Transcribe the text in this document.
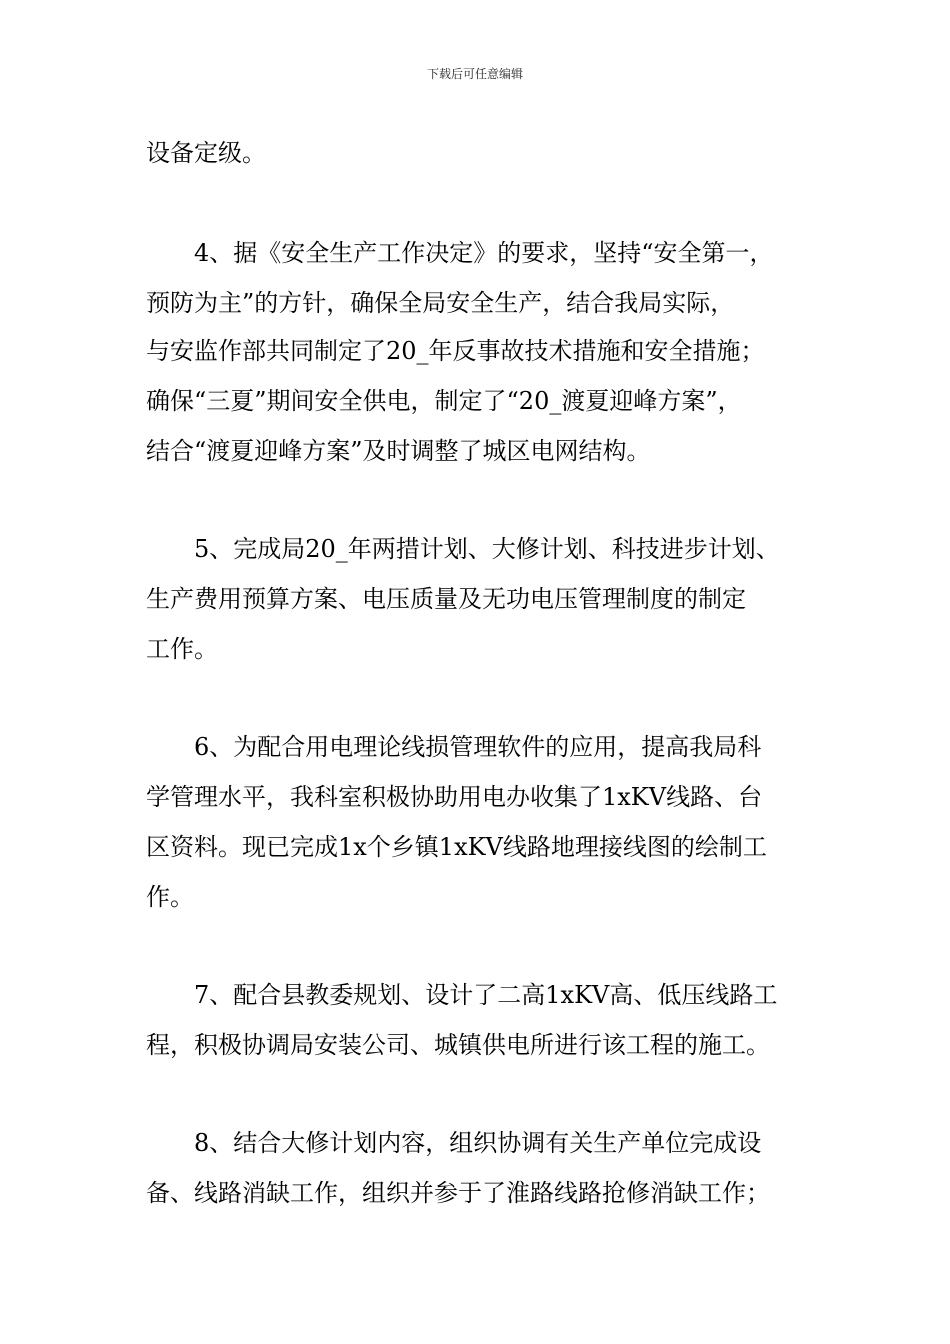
下载后可任意编辑
设备定级。
4、据《安全生产工作决定》的要求，坚持“安全第一，
预防为主”的方针，确保全局安全生产，结合我局实际，
与安监作部共同制定了20_年反事故技术措施和安全措施；
确保“三夏”期间安全供电，制定了“20_渡夏迎峰方案”，
结合“渡夏迎峰方案”及时调整了城区电网结构。
5、完成局20_年两措计划、大修计划、科技进步计划、
生产费用预算方案、电压质量及无功电压管理制度的制定
工作。
6、为配合用电理论线损管理软件的应用，提高我局科
学管理水平，我科室积极协助用电办收集了1xKV线路、台
区资料。现已完成1x个乡镇1xKV线路地理接线图的绘制工
作。
7、配合县教委规划、设计了二高1xKV高、低压线路工
程，积极协调局安装公司、城镇供电所进行该工程的施工。
8、结合大修计划内容，组织协调有关生产单位完成设
备、线路消缺工作，组织并参于了淮路线路抢修消缺工作；
